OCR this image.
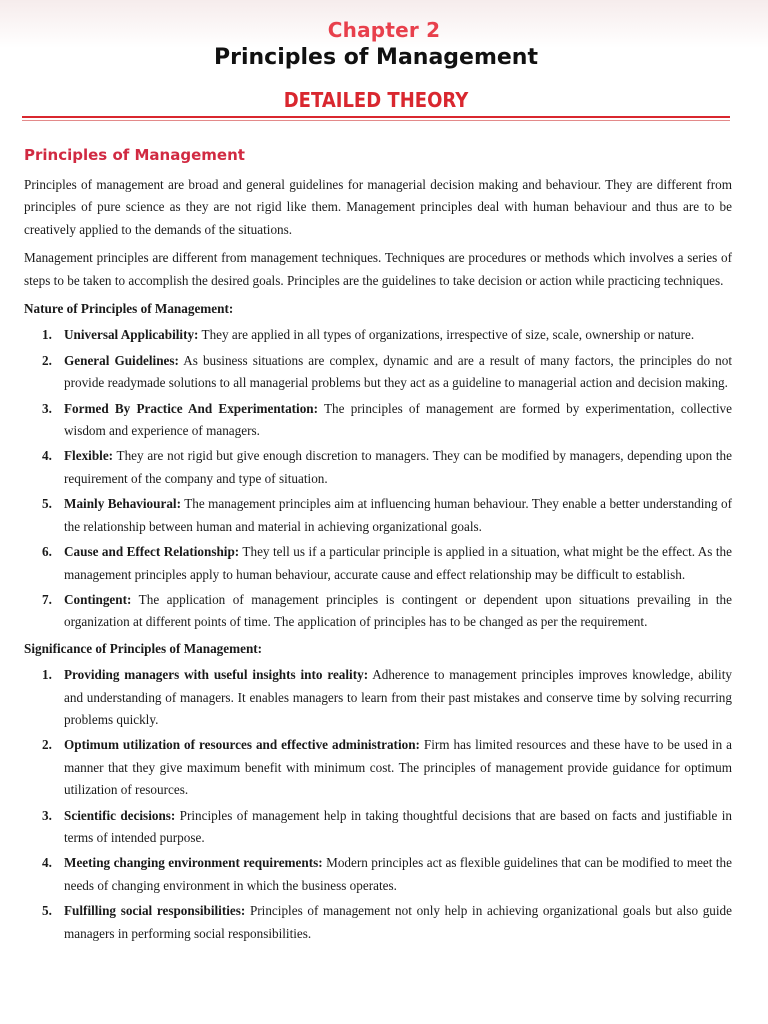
Chapter 2
Principles of Management
DETAILED THEORY
Principles of Management

Principles of management are broad and general guidelines for managerial decision making and behaviour. They are different from principles of pure science as they are not rigid like them. Management principles deal with human behaviour and thus are to be creatively applied to the demands of the situations.

Management principles are different from management techniques. Techniques are procedures or methods which involves a series of steps to be taken to accomplish the desired goals. Principles are the guidelines to take decision or action while practicing techniques.

Nature of Principles of Management:
1. Universal Applicability: They are applied in all types of organizations, irrespective of size, scale, ownership or nature.
2. General Guidelines: As business situations are complex, dynamic and are a result of many factors, the principles do not provide readymade solutions to all managerial problems but they act as a guideline to managerial action and decision making.
3. Formed By Practice And Experimentation: The principles of management are formed by experimentation, collective wisdom and experience of managers.
4. Flexible: They are not rigid but give enough discretion to managers. They can be modified by managers, depending upon the requirement of the company and type of situation.
5. Mainly Behavioural: The management principles aim at influencing human behaviour. They enable a better understanding of the relationship between human and material in achieving organizational goals.
6. Cause and Effect Relationship: They tell us if a particular principle is applied in a situation, what might be the effect. As the management principles apply to human behaviour, accurate cause and effect relationship may be difficult to establish.
7. Contingent: The application of management principles is contingent or dependent upon situations prevailing in the organization at different points of time. The application of principles has to be changed as per the requirement.
Significance of Principles of Management:
1. Providing managers with useful insights into reality: Adherence to management principles improves knowledge, ability and understanding of managers. It enables managers to learn from their past mistakes and conserve time by solving recurring problems quickly.
2. Optimum utilization of resources and effective administration: Firm has limited resources and these have to be used in a manner that they give maximum benefit with minimum cost. The principles of management provide guidance for optimum utilization of resources.
3. Scientific decisions: Principles of management help in taking thoughtful decisions that are based on facts and justifiable in terms of intended purpose.
4. Meeting changing environment requirements: Modern principles act as flexible guidelines that can be modified to meet the needs of changing environment in which the business operates.
5. Fulfilling social responsibilities: Principles of management not only help in achieving organizational goals but also guide managers in performing social responsibilities.
